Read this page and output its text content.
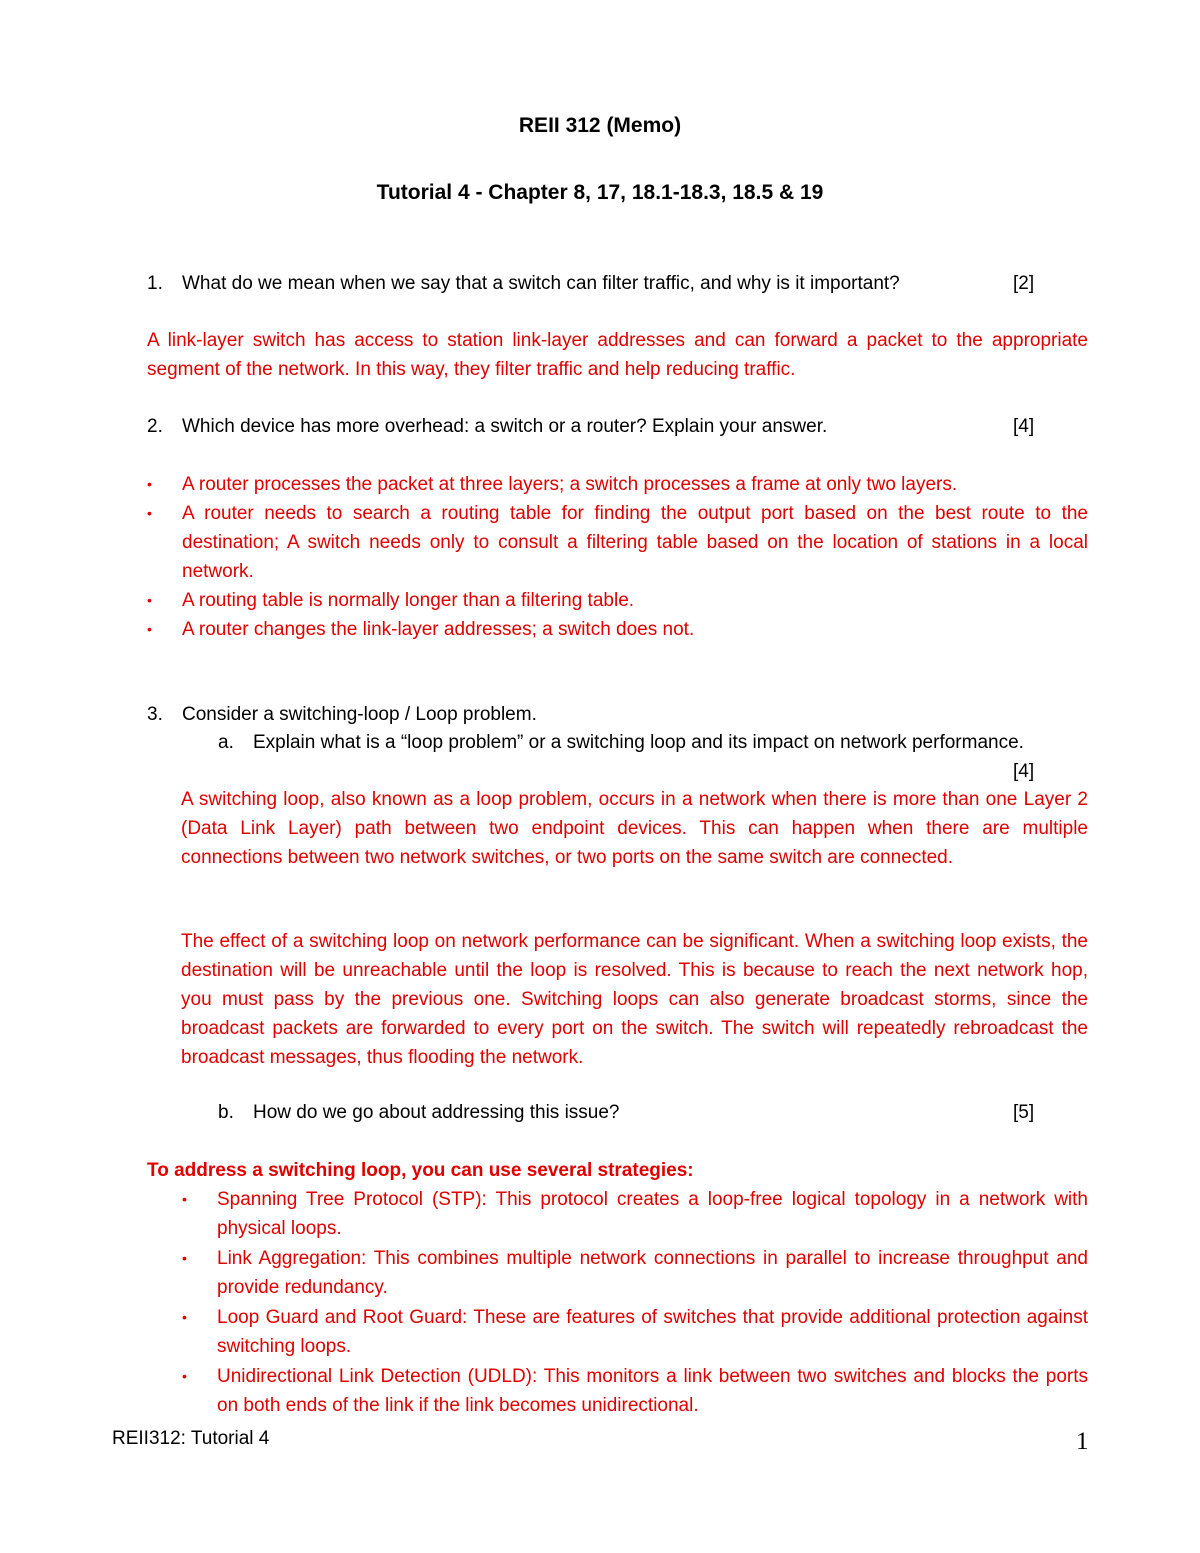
REII 312 (Memo)
Tutorial 4 - Chapter 8, 17, 18.1-18.3, 18.5 & 19
1. What do we mean when we say that a switch can filter traffic, and why is it important?	[2]
A link-layer switch has access to station link-layer addresses and can forward a packet to the appropriate segment of the network. In this way, they filter traffic and help reducing traffic.
2. Which device has more overhead: a switch or a router? Explain your answer.	[4]
• A router processes the packet at three layers; a switch processes a frame at only two layers.
• A router needs to search a routing table for finding the output port based on the best route to the destination; A switch needs only to consult a filtering table based on the location of stations in a local network.
• A routing table is normally longer than a filtering table.
• A router changes the link-layer addresses; a switch does not.
3. Consider a switching-loop / Loop problem.
a. Explain what is a “loop problem” or a switching loop and its impact on network performance.
[4]
A switching loop, also known as a loop problem, occurs in a network when there is more than one Layer 2 (Data Link Layer) path between two endpoint devices. This can happen when there are multiple connections between two network switches, or two ports on the same switch are connected.
The effect of a switching loop on network performance can be significant. When a switching loop exists, the destination will be unreachable until the loop is resolved. This is because to reach the next network hop, you must pass by the previous one. Switching loops can also generate broadcast storms, since the broadcast packets are forwarded to every port on the switch. The switch will repeatedly rebroadcast the broadcast messages, thus flooding the network.
b. How do we go about addressing this issue?	[5]
To address a switching loop, you can use several strategies:
• Spanning Tree Protocol (STP): This protocol creates a loop-free logical topology in a network with physical loops.
• Link Aggregation: This combines multiple network connections in parallel to increase throughput and provide redundancy.
• Loop Guard and Root Guard: These are features of switches that provide additional protection against switching loops.
• Unidirectional Link Detection (UDLD): This monitors a link between two switches and blocks the ports on both ends of the link if the link becomes unidirectional.
REII312: Tutorial 4	1
